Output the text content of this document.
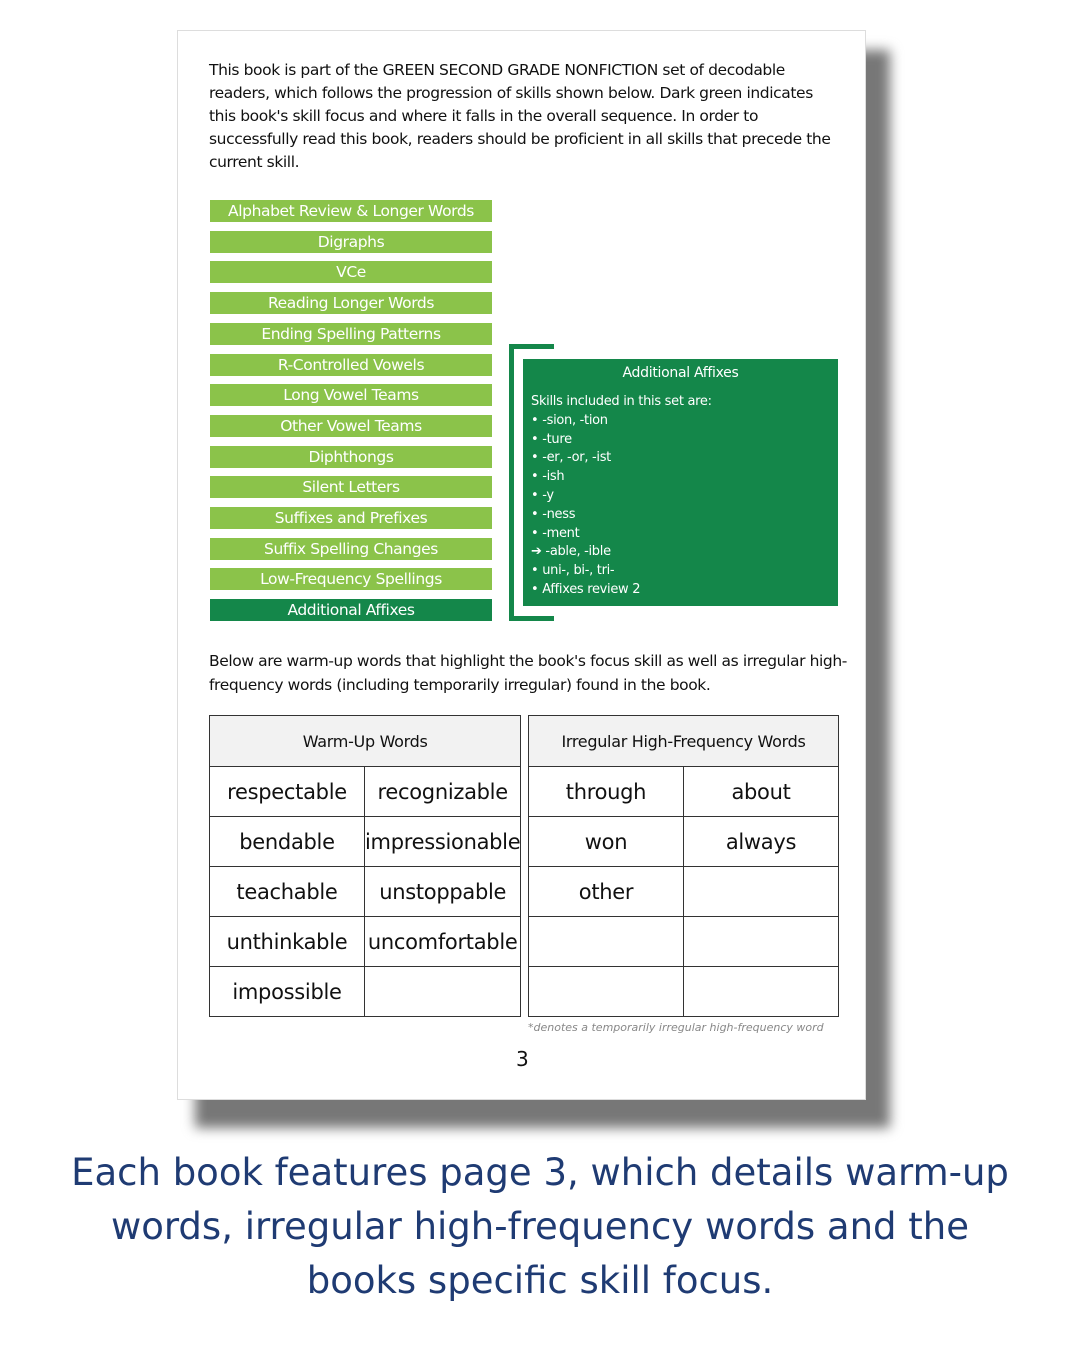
This book is part of the GREEN SECOND GRADE NONFICTION set of decodable readers, which follows the progression of skills shown below. Dark green indicates this book's skill focus and where it falls in the overall sequence. In order to successfully read this book, readers should be proficient in all skills that precede the current skill.

Alphabet Review & Longer Words
Digraphs
VCe
Reading Longer Words
Ending Spelling Patterns
R-Controlled Vowels
Long Vowel Teams
Other Vowel Teams
Diphthongs
Silent Letters
Suffixes and Prefixes
Suffix Spelling Changes
Low-Frequency Spellings
Additional Affixes
Additional Affixes
Skills included in this set are:
• -sion, -tion
• -ture
• -er, -or, -ist
• -ish
• -y
• -ness
• -ment
➔ -able, -ible
• uni-, bi-, tri-
• Affixes review 2

Below are warm-up words that highlight the book's focus skill as well as irregular high-frequency words (including temporarily irregular) found in the book.

Warm-Up Words	
respectable	recognizable
bendable	impressionable
teachable	unstoppable
unthinkable	uncomfortable
impossible	
Irregular High-Frequency Words	
through	about
won	always
other	

*denotes a temporarily irregular high-frequency word
3
Each book features page 3, which details warm-up
words, irregular high-frequency words and the
books specific skill focus.
